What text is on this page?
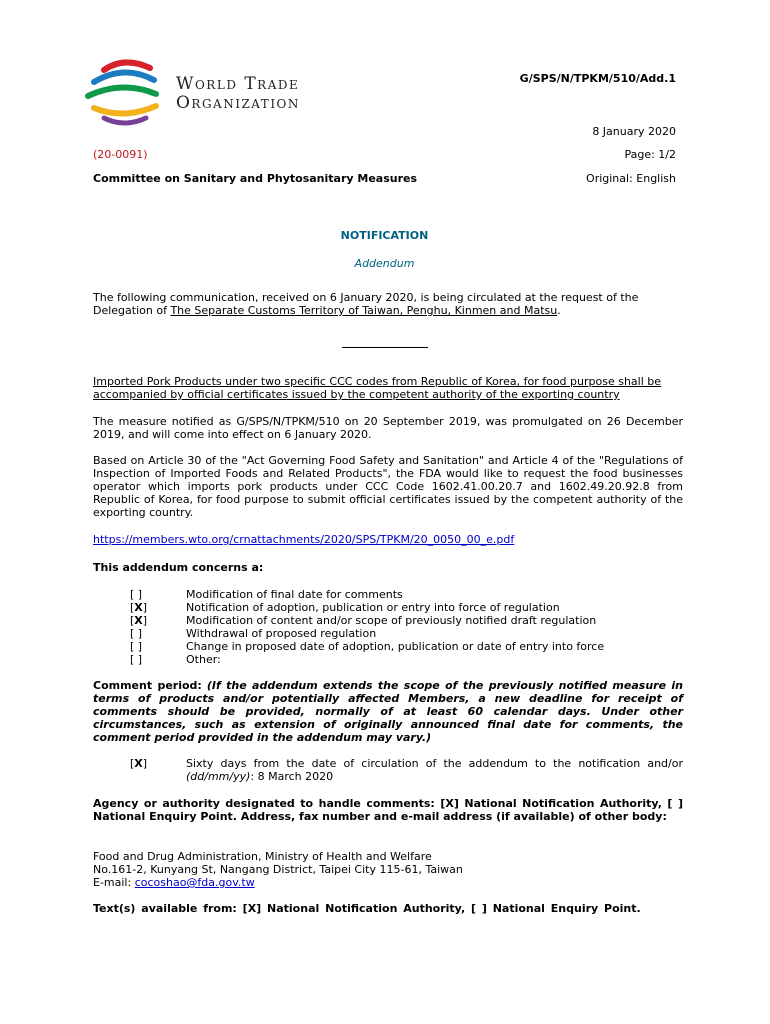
World Trade
Organization
G/SPS/N/TPKM/510/Add.1
8 January 2020
(20-0091)	Page: 1/2
Committee on Sanitary and Phytosanitary Measures	Original: English
NOTIFICATION
Addendum
The following communication, received on 6 January 2020, is being circulated at the request of the Delegation of The Separate Customs Territory of Taiwan, Penghu, Kinmen and Matsu.
Imported Pork Products under two specific CCC codes from Republic of Korea, for food purpose shall be accompanied by official certificates issued by the competent authority of the exporting country
The measure notified as G/SPS/N/TPKM/510 on 20 September 2019, was promulgated on 26 December 2019, and will come into effect on 6 January 2020.
Based on Article 30 of the "Act Governing Food Safety and Sanitation" and Article 4 of the "Regulations of Inspection of Imported Foods and Related Products", the FDA would like to request the food businesses operator which imports pork products under CCC Code 1602.41.00.20.7 and 1602.49.20.92.8 from Republic of Korea, for food purpose to submit official certificates issued by the competent authority of the exporting country.
https://members.wto.org/crnattachments/2020/SPS/TPKM/20_0050_00_e.pdf
This addendum concerns a:
[ ]	Modification of final date for comments
[X]	Notification of adoption, publication or entry into force of regulation
[X]	Modification of content and/or scope of previously notified draft regulation
[ ]	Withdrawal of proposed regulation
[ ]	Change in proposed date of adoption, publication or date of entry into force
[ ]	Other:
Comment period: (If the addendum extends the scope of the previously notified measure in terms of products and/or potentially affected Members, a new deadline for receipt of comments should be provided, normally of at least 60 calendar days. Under other circumstances, such as extension of originally announced final date for comments, the comment period provided in the addendum may vary.)
[X]	Sixty days from the date of circulation of the addendum to the notification and/or (dd/mm/yy): 8 March 2020
Agency or authority designated to handle comments: [X] National Notification Authority, [ ] National Enquiry Point. Address, fax number and e-mail address (if available) of other body:
Food and Drug Administration, Ministry of Health and Welfare
No.161-2, Kunyang St, Nangang District, Taipei City 115-61, Taiwan
E-mail: cocoshao@fda.gov.tw
Text(s) available from: [X] National Notification Authority, [ ] National Enquiry Point.
